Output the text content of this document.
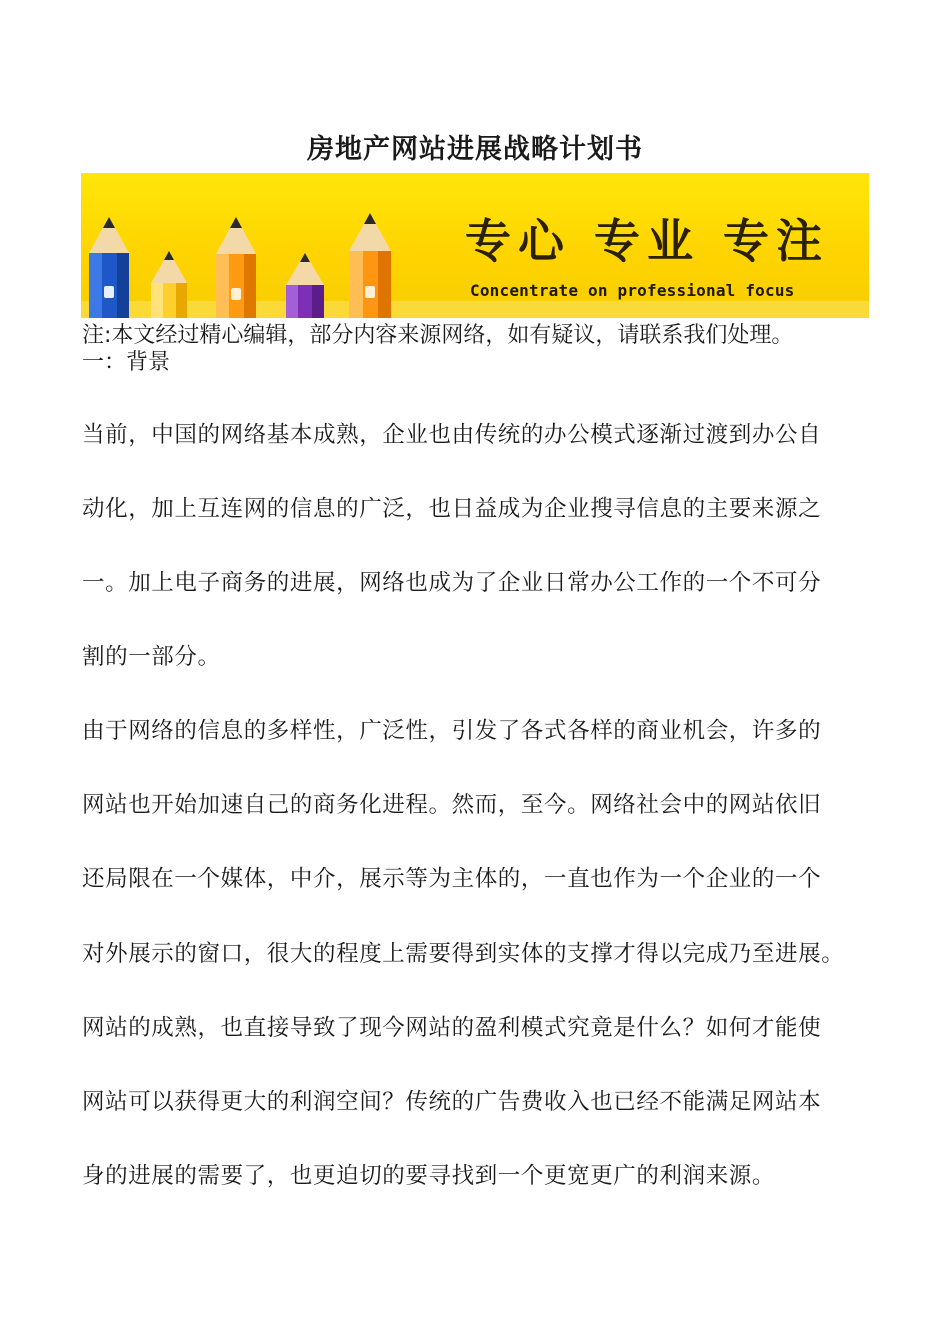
房地产网站进展战略计划书
专心 专业 专注
Concentrate on professional focus
注:本文经过精心编辑，部分内容来源网络，如有疑议，请联系我们处理。
一：背景
当前，中国的网络基本成熟，企业也由传统的办公模式逐渐过渡到办公自
动化，加上互连网的信息的广泛，也日益成为企业搜寻信息的主要来源之
一。加上电子商务的进展，网络也成为了企业日常办公工作的一个不可分
割的一部分。
由于网络的信息的多样性，广泛性，引发了各式各样的商业机会，许多的
网站也开始加速自己的商务化进程。然而，至今。网络社会中的网站依旧
还局限在一个媒体，中介，展示等为主体的，一直也作为一个企业的一个
对外展示的窗口，很大的程度上需要得到实体的支撑才得以完成乃至进展。
网站的成熟，也直接导致了现今网站的盈利模式究竟是什么？如何才能使
网站可以获得更大的利润空间？传统的广告费收入也已经不能满足网站本
身的进展的需要了，也更迫切的要寻找到一个更宽更广的利润来源。
